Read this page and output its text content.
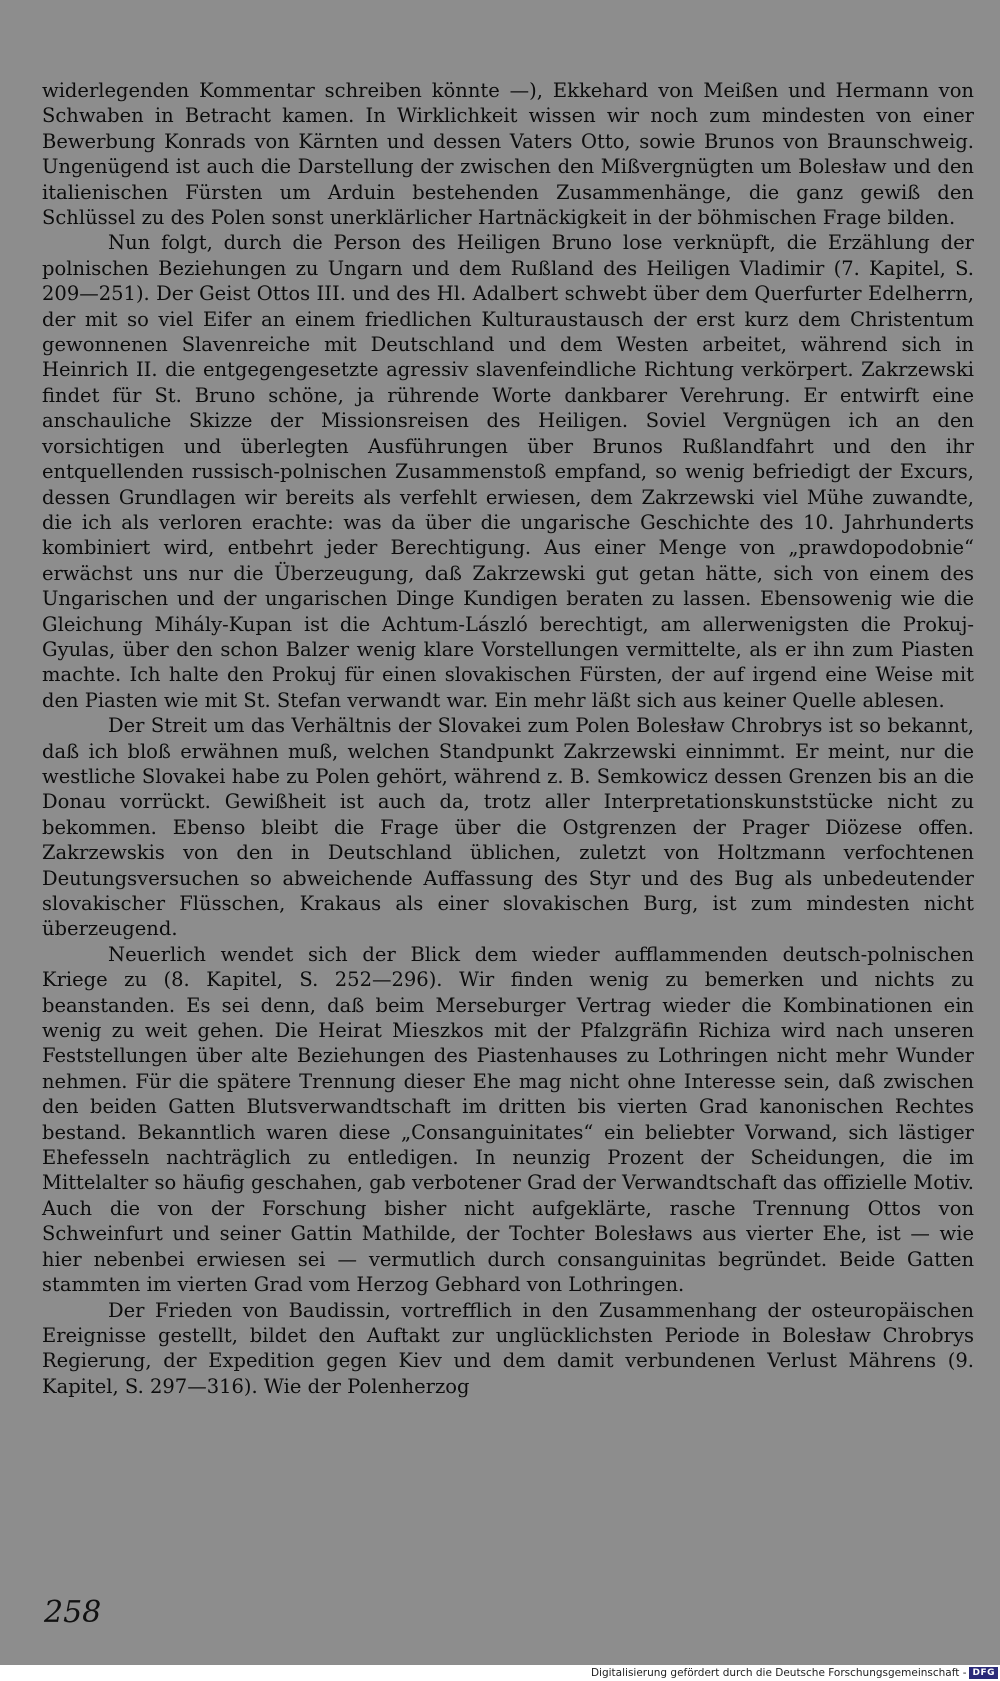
widerlegenden Kommentar schreiben könnte —), Ekkehard von Meißen und Hermann von Schwaben in Betracht kamen. In Wirklichkeit wissen wir noch zum mindesten von einer Bewerbung Konrads von Kärnten und dessen Vaters Otto, sowie Brunos von Braunschweig. Ungenügend ist auch die Darstellung der zwischen den Mißvergnügten um Bolesław und den italienischen Fürsten um Arduin bestehenden Zusammenhänge, die ganz gewiß den Schlüssel zu des Polen sonst unerklärlicher Hartnäckigkeit in der böhmischen Frage bilden.

Nun folgt, durch die Person des Heiligen Bruno lose verknüpft, die Erzählung der polnischen Beziehungen zu Ungarn und dem Rußland des Heiligen Vladimir (7. Kapitel, S. 209—251). Der Geist Ottos III. und des Hl. Adalbert schwebt über dem Querfurter Edelherrn, der mit so viel Eifer an einem friedlichen Kulturaustausch der erst kurz dem Christentum gewonnenen Slavenreiche mit Deutschland und dem Westen arbeitet, während sich in Heinrich II. die entgegengesetzte agressiv slavenfeindliche Richtung verkörpert. Zakrzewski findet für St. Bruno schöne, ja rührende Worte dankbarer Verehrung. Er entwirft eine anschauliche Skizze der Missionsreisen des Heiligen. Soviel Vergnügen ich an den vorsichtigen und überlegten Ausführungen über Brunos Rußlandfahrt und den ihr entquellenden russisch-polnischen Zusammenstoß empfand, so wenig befriedigt der Excurs, dessen Grundlagen wir bereits als verfehlt erwiesen, dem Zakrzewski viel Mühe zuwandte, die ich als verloren erachte: was da über die ungarische Geschichte des 10. Jahrhunderts kombiniert wird, entbehrt jeder Berechtigung. Aus einer Menge von „prawdopodobnie“ erwächst uns nur die Überzeugung, daß Zakrzewski gut getan hätte, sich von einem des Ungarischen und der ungarischen Dinge Kundigen beraten zu lassen. Ebensowenig wie die Gleichung Mihály-Kupan ist die Achtum-László berechtigt, am allerwenigsten die Prokuj-Gyulas, über den schon Balzer wenig klare Vorstellungen vermittelte, als er ihn zum Piasten machte. Ich halte den Prokuj für einen slovakischen Fürsten, der auf irgend eine Weise mit den Piasten wie mit St. Stefan verwandt war. Ein mehr läßt sich aus keiner Quelle ablesen.

Der Streit um das Verhältnis der Slovakei zum Polen Bolesław Chrobrys ist so bekannt, daß ich bloß erwähnen muß, welchen Standpunkt Zakrzewski einnimmt. Er meint, nur die westliche Slovakei habe zu Polen gehört, während z. B. Semkowicz dessen Grenzen bis an die Donau vorrückt. Gewißheit ist auch da, trotz aller Interpretationskunststücke nicht zu bekommen. Ebenso bleibt die Frage über die Ostgrenzen der Prager Diözese offen. Zakrzewskis von den in Deutschland üblichen, zuletzt von Holtzmann verfochtenen Deutungsversuchen so abweichende Auffassung des Styr und des Bug als unbedeutender slovakischer Flüsschen, Krakaus als einer slovakischen Burg, ist zum mindesten nicht überzeugend.

Neuerlich wendet sich der Blick dem wieder aufflammenden deutsch-polnischen Kriege zu (8. Kapitel, S. 252—296). Wir finden wenig zu bemerken und nichts zu beanstanden. Es sei denn, daß beim Merseburger Vertrag wieder die Kombinationen ein wenig zu weit gehen. Die Heirat Mieszkos mit der Pfalzgräfin Richiza wird nach unseren Feststellungen über alte Beziehungen des Piastenhauses zu Lothringen nicht mehr Wunder nehmen. Für die spätere Trennung dieser Ehe mag nicht ohne Interesse sein, daß zwischen den beiden Gatten Blutsverwandtschaft im dritten bis vierten Grad kanonischen Rechtes bestand. Bekanntlich waren diese „Consanguinitates“ ein beliebter Vorwand, sich lästiger Ehefesseln nachträglich zu entledigen. In neunzig Prozent der Scheidungen, die im Mittelalter so häufig geschahen, gab verbotener Grad der Verwandtschaft das offizielle Motiv. Auch die von der Forschung bisher nicht aufgeklärte, rasche Trennung Ottos von Schweinfurt und seiner Gattin Mathilde, der Tochter Bolesławs aus vierter Ehe, ist — wie hier nebenbei erwiesen sei — vermutlich durch consanguinitas begründet. Beide Gatten stammten im vierten Grad vom Herzog Gebhard von Lothringen.

Der Frieden von Baudissin, vortrefflich in den Zusammenhang der osteuropäischen Ereignisse gestellt, bildet den Auftakt zur unglücklichsten Periode in Bolesław Chrobrys Regierung, der Expedition gegen Kiev und dem damit verbundenen Verlust Mährens (9. Kapitel, S. 297—316). Wie der Polenherzog

258
Digitalisierung gefördert durch die Deutsche Forschungsgemeinschaft - DFG
